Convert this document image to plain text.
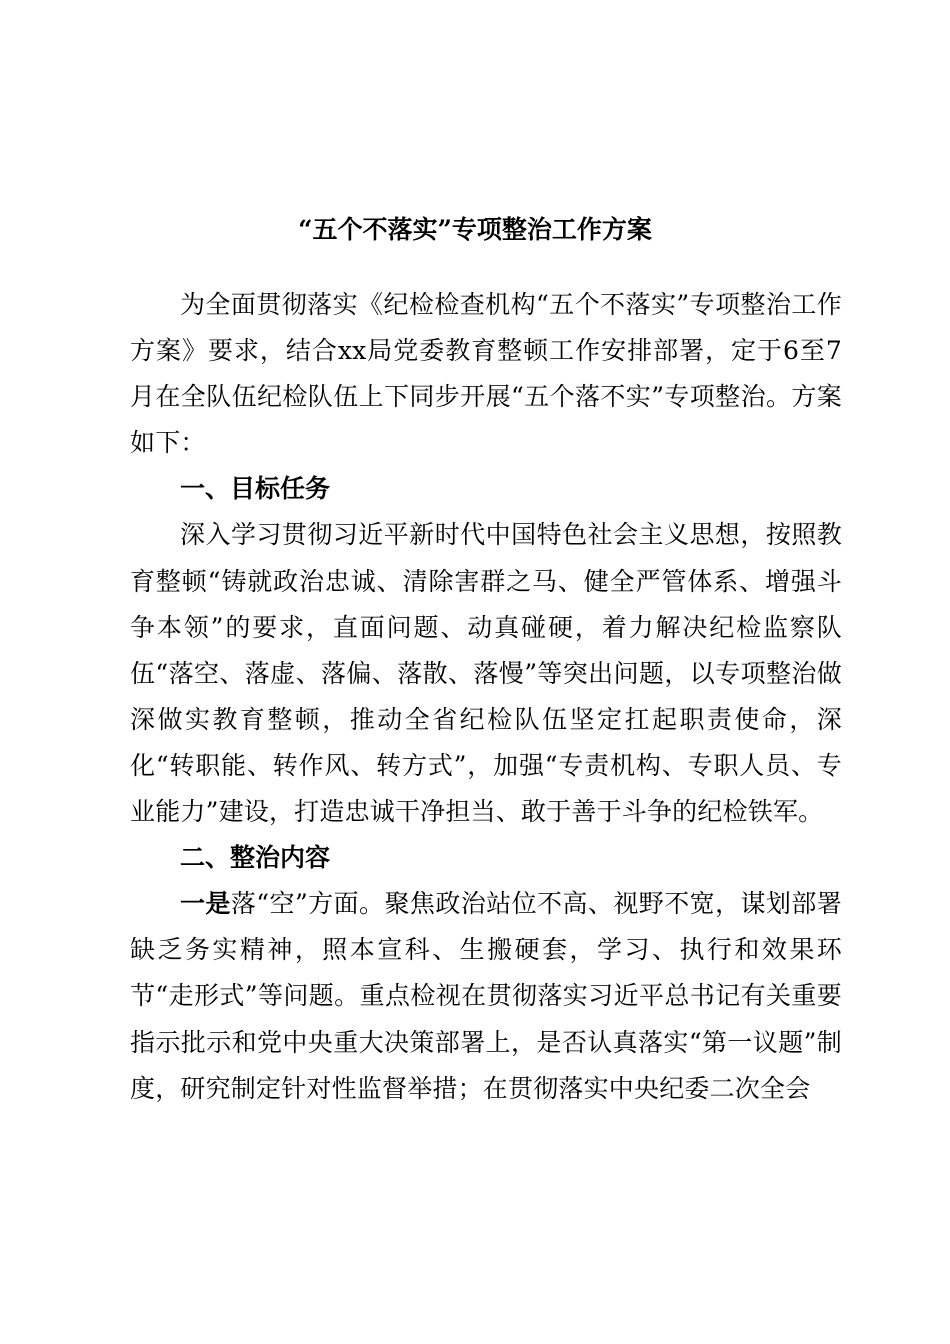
“五个不落实”专项整治工作方案

为全面贯彻落实《纪检检查机构“五个不落实”专项整治工作方案》要求，结合xx局党委教育整顿工作安排部署，定于6至7月在全队伍纪检队伍上下同步开展“五个落不实”专项整治。方案如下：

一、目标任务

深入学习贯彻习近平新时代中国特色社会主义思想，按照教育整顿“铸就政治忠诚、清除害群之马、健全严管体系、增强斗争本领”的要求，直面问题、动真碰硬，着力解决纪检监察队伍“落空、落虚、落偏、落散、落慢”等突出问题，以专项整治做深做实教育整顿，推动全省纪检队伍坚定扛起职责使命，深化“转职能、转作风、转方式”，加强“专责机构、专职人员、专业能力”建设，打造忠诚干净担当、敢于善于斗争的纪检铁军。

二、整治内容

一是落“空”方面。聚焦政治站位不高、视野不宽，谋划部署缺乏务实精神，照本宣科、生搬硬套，学习、执行和效果环节“走形式”等问题。重点检视在贯彻落实习近平总书记有关重要指示批示和党中央重大决策部署上，是否认真落实“第一议题”制度，研究制定针对性监督举措；在贯彻落实中央纪委二次全会
